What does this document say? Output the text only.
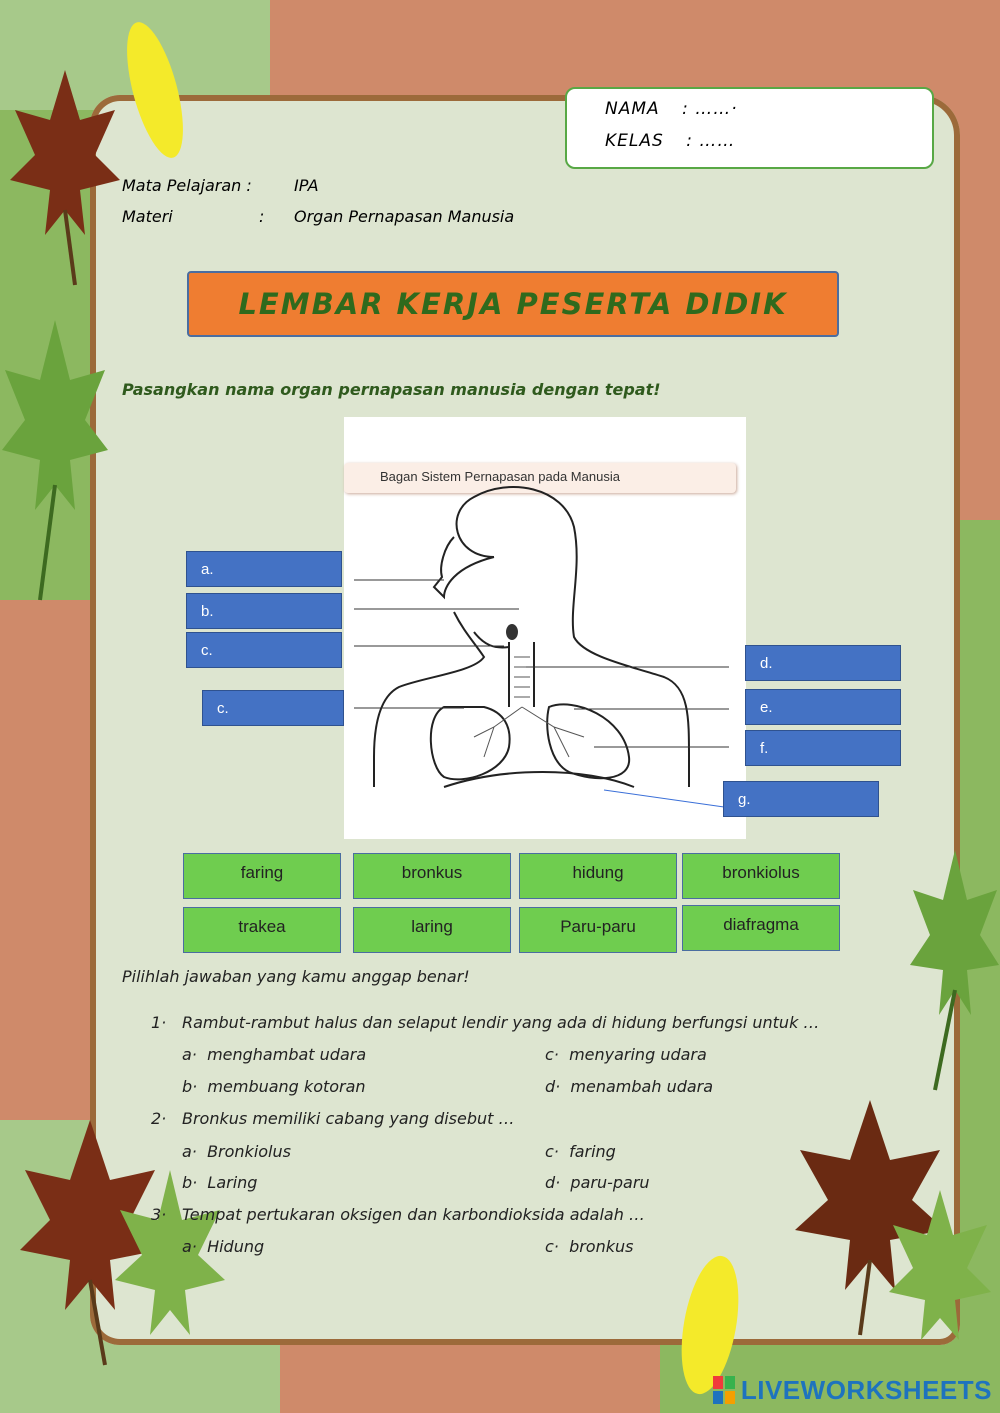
NAMA : ……·
KELAS : ……
Mata Pelajaran :	IPA
Materi	: Organ Pernapasan Manusia
LEMBAR KERJA PESERTA DIDIK
Pasangkan nama organ pernapasan manusia dengan tepat!
Bagan Sistem Pernapasan pada Manusia
a.
b.
c.
c.
d.
e.
f.
g.
faring	bronkus	hidung	bronkiolus
trakea	laring	Paru-paru	diafragma
Pilihlah jawaban yang kamu anggap benar!
1· Rambut-rambut halus dan selaput lendir yang ada di hidung berfungsi untuk …
a· menghambat udara	c· menyaring udara
b· membuang kotoran	d· menambah udara
2· Bronkus memiliki cabang yang disebut …
a· Bronkiolus	c· faring
b· Laring	d· paru-paru
3· Tempat pertukaran oksigen dan karbondioksida adalah …
a· Hidung	c· bronkus
LIVEWORKSHEETS
